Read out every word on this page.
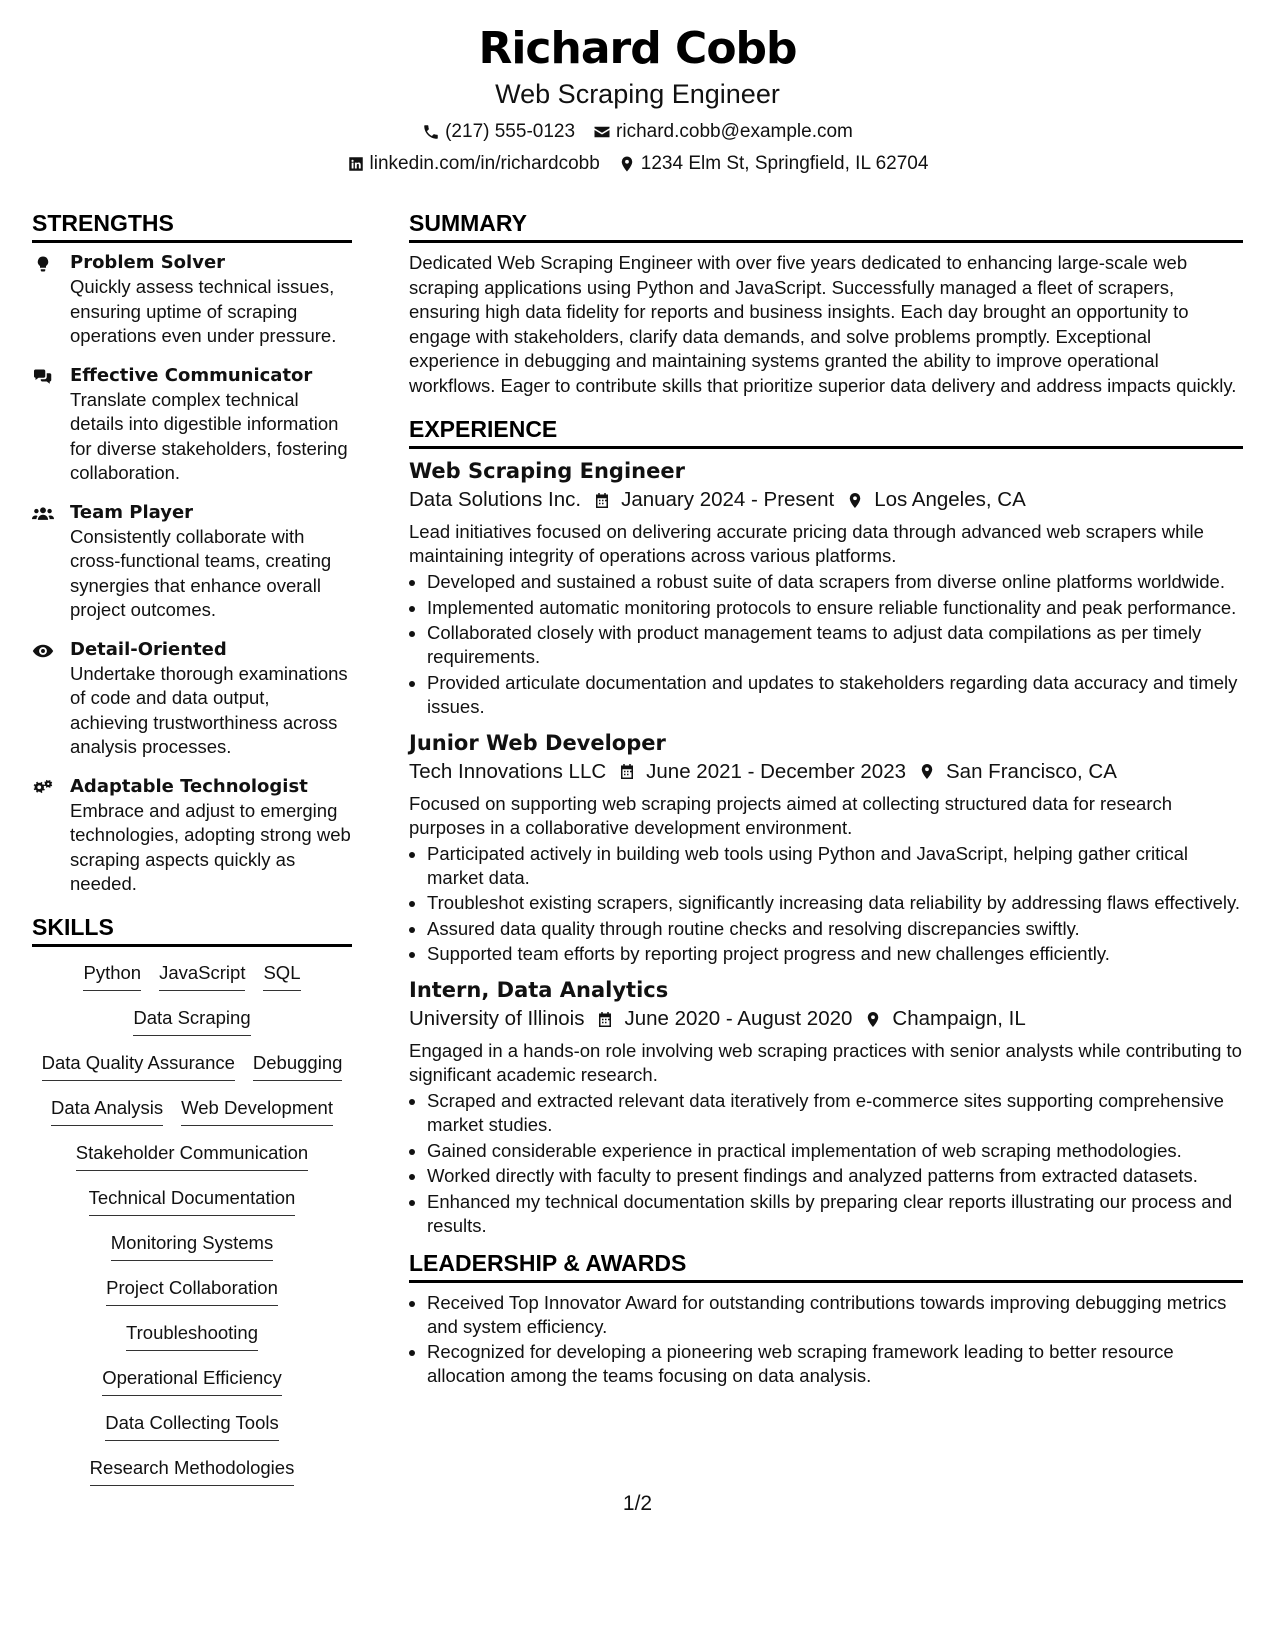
Richard Cobb
Web Scraping Engineer
(217) 555-0123 richard.cobb@example.com
linkedin.com/in/richardcobb 1234 Elm St, Springfield, IL 62704
STRENGTHS
Problem Solver
Quickly assess technical issues, ensuring uptime of scraping operations even under pressure.
Effective Communicator
Translate complex technical details into digestible information for diverse stakeholders, fostering collaboration.
Team Player
Consistently collaborate with cross-functional teams, creating synergies that enhance overall project outcomes.
Detail-Oriented
Undertake thorough examinations of code and data output, achieving trustworthiness across analysis processes.
Adaptable Technologist
Embrace and adjust to emerging technologies, adopting strong web scraping aspects quickly as needed.
SKILLS
Python JavaScript SQL
Data Scraping
Data Quality Assurance Debugging
Data Analysis Web Development
Stakeholder Communication
Technical Documentation
Monitoring Systems
Project Collaboration
Troubleshooting
Operational Efficiency
Data Collecting Tools
Research Methodologies
SUMMARY
Dedicated Web Scraping Engineer with over five years dedicated to enhancing large-scale web scraping applications using Python and JavaScript. Successfully managed a fleet of scrapers, ensuring high data fidelity for reports and business insights. Each day brought an opportunity to engage with stakeholders, clarify data demands, and solve problems promptly. Exceptional experience in debugging and maintaining systems granted the ability to improve operational workflows. Eager to contribute skills that prioritize superior data delivery and address impacts quickly.
EXPERIENCE
Web Scraping Engineer
Data Solutions Inc. January 2024 - Present Los Angeles, CA
Lead initiatives focused on delivering accurate pricing data through advanced web scrapers while maintaining integrity of operations across various platforms.
• Developed and sustained a robust suite of data scrapers from diverse online platforms worldwide.
• Implemented automatic monitoring protocols to ensure reliable functionality and peak performance.
• Collaborated closely with product management teams to adjust data compilations as per timely requirements.
• Provided articulate documentation and updates to stakeholders regarding data accuracy and timely issues.
Junior Web Developer
Tech Innovations LLC June 2021 - December 2023 San Francisco, CA
Focused on supporting web scraping projects aimed at collecting structured data for research purposes in a collaborative development environment.
• Participated actively in building web tools using Python and JavaScript, helping gather critical market data.
• Troubleshot existing scrapers, significantly increasing data reliability by addressing flaws effectively.
• Assured data quality through routine checks and resolving discrepancies swiftly.
• Supported team efforts by reporting project progress and new challenges efficiently.
Intern, Data Analytics
University of Illinois June 2020 - August 2020 Champaign, IL
Engaged in a hands-on role involving web scraping practices with senior analysts while contributing to significant academic research.
• Scraped and extracted relevant data iteratively from e-commerce sites supporting comprehensive market studies.
• Gained considerable experience in practical implementation of web scraping methodologies.
• Worked directly with faculty to present findings and analyzed patterns from extracted datasets.
• Enhanced my technical documentation skills by preparing clear reports illustrating our process and results.
LEADERSHIP & AWARDS
• Received Top Innovator Award for outstanding contributions towards improving debugging metrics and system efficiency.
• Recognized for developing a pioneering web scraping framework leading to better resource allocation among the teams focusing on data analysis.
1/2
